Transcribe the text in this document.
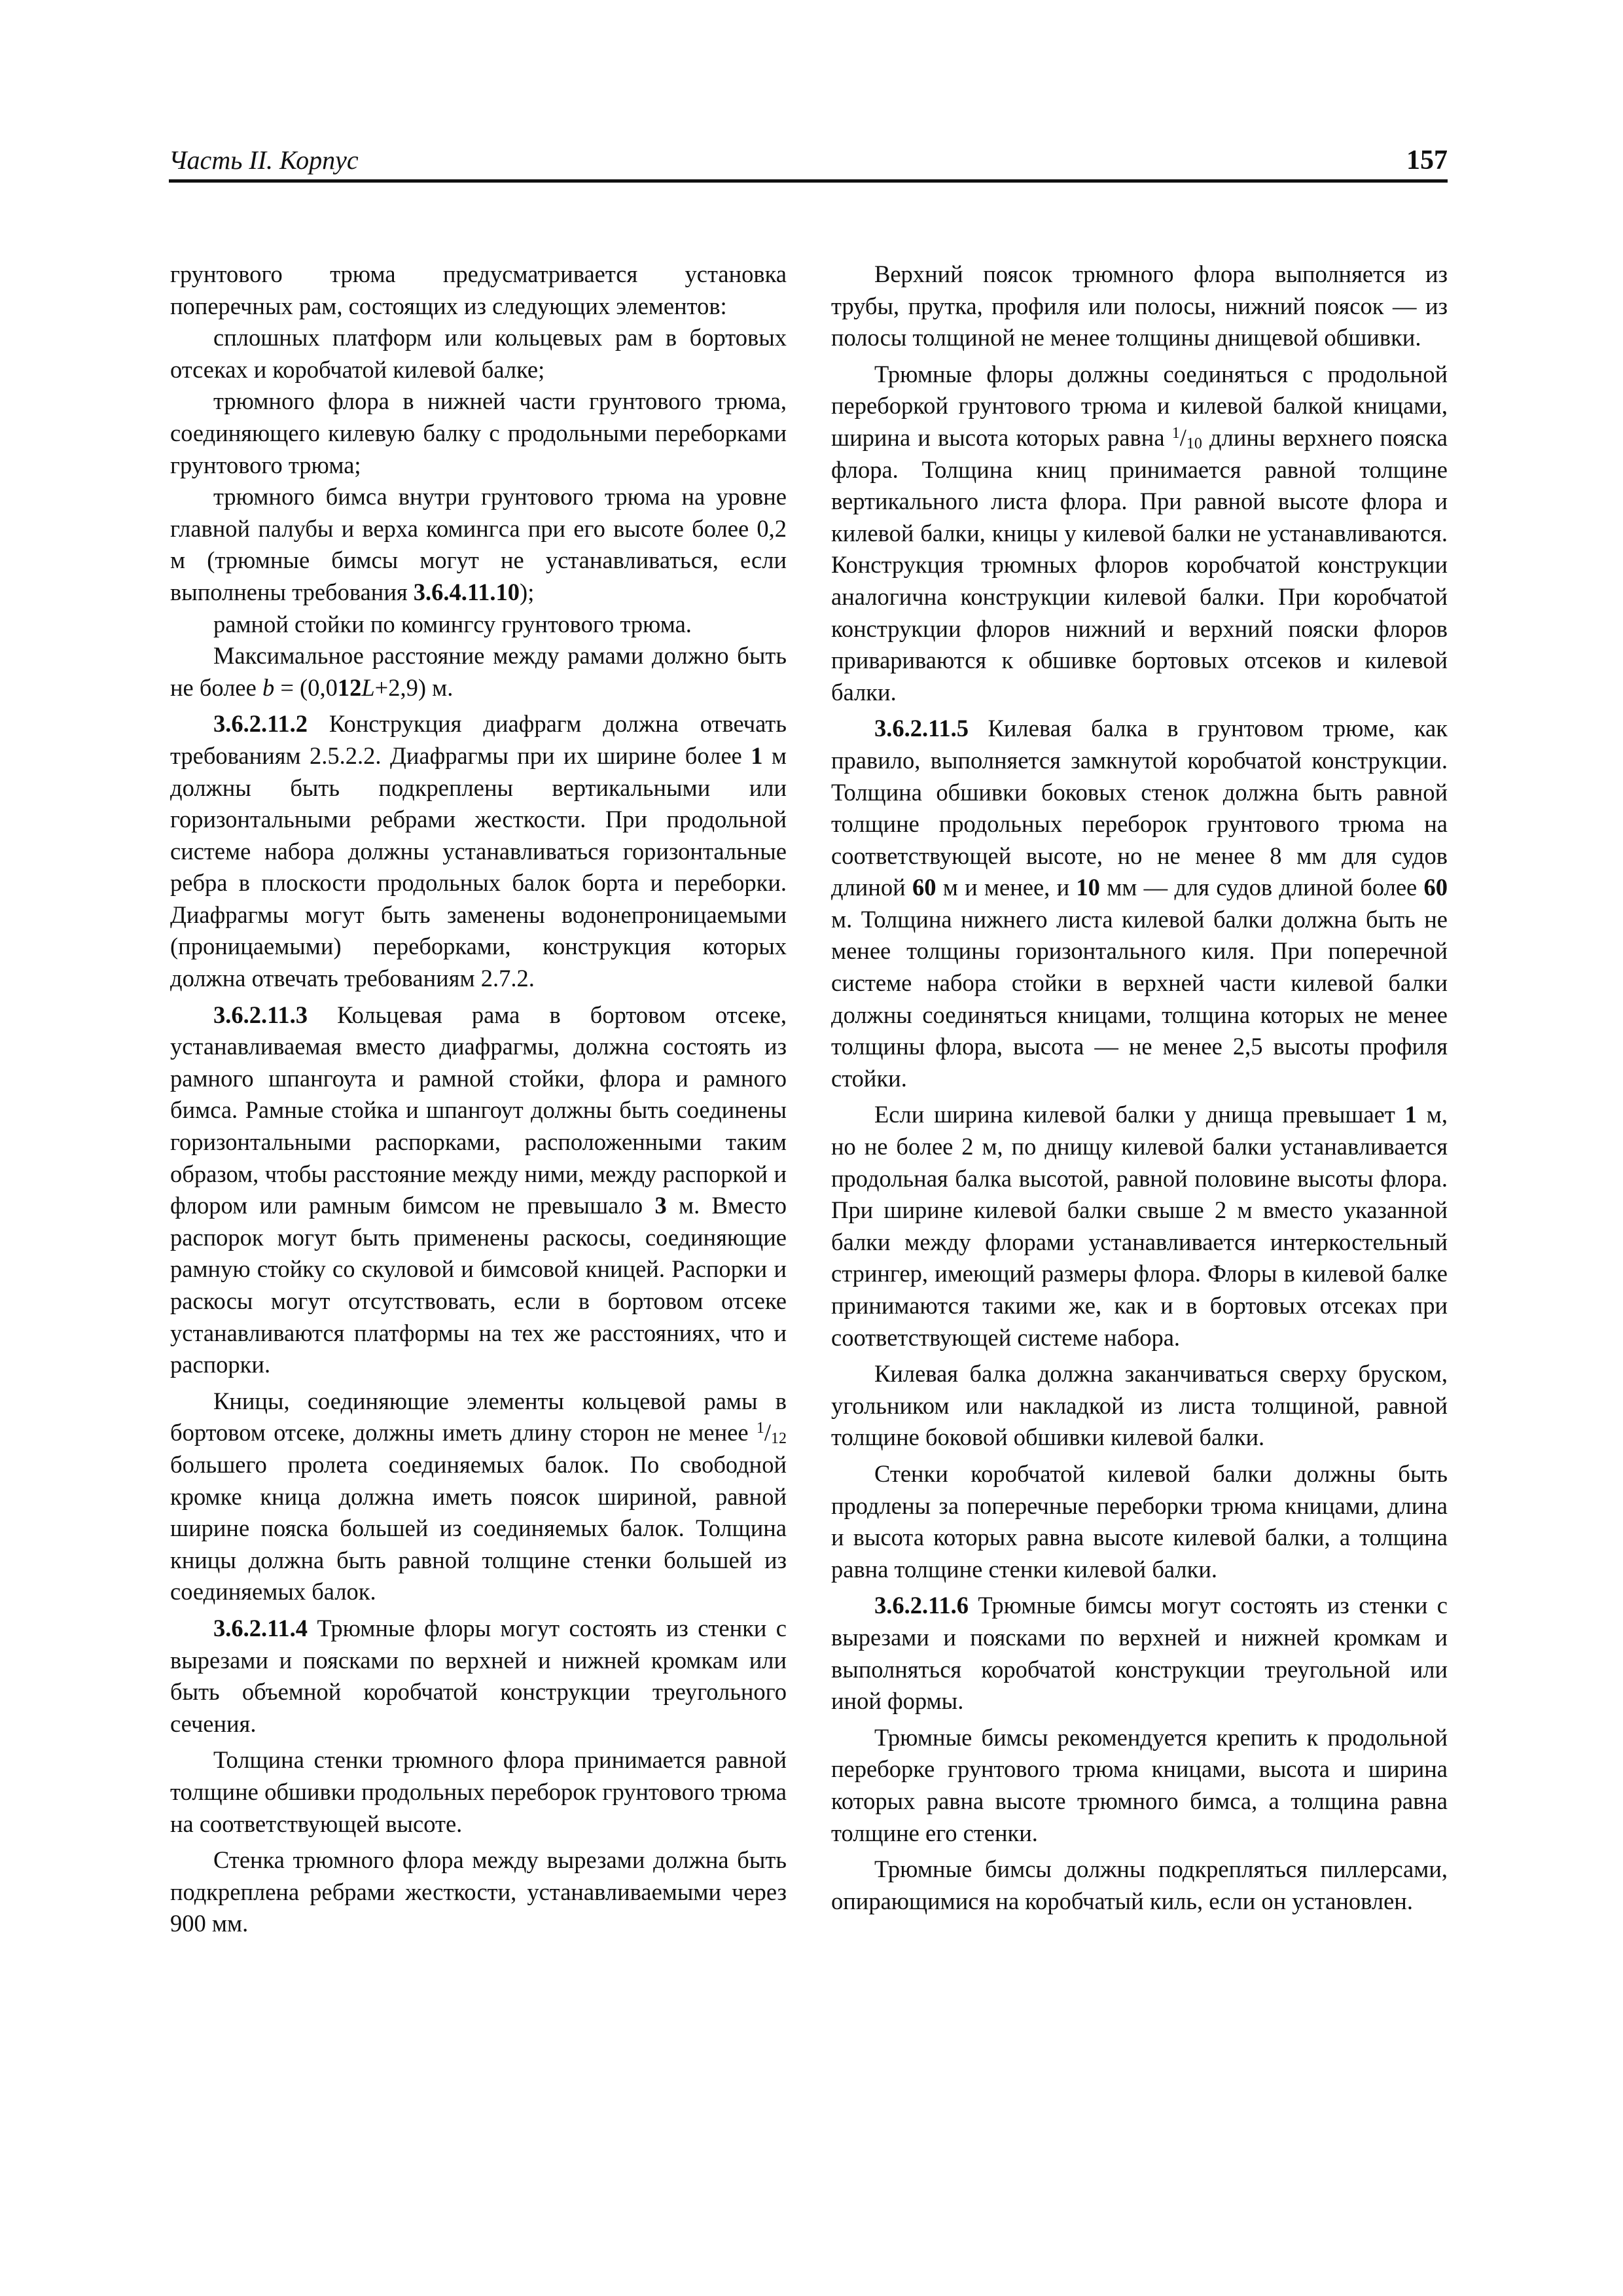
Часть II. Корпус	157

грунтового трюма предусматривается установка поперечных рам, состоящих из следующих элементов:

сплошных платформ или кольцевых рам в бортовых отсеках и коробчатой килевой балке;

трюмного флора в нижней части грунтового трюма, соединяющего килевую балку с продольными переборками грунтового трюма;

трюмного бимса внутри грунтового трюма на уровне главной палубы и верха комингса при его высоте более 0,2 м (трюмные бимсы могут не устанавливаться, если выполнены требования 3.6.4.11.10);

рамной стойки по комингсу грунтового трюма.

Максимальное расстояние между рамами должно быть не более b = (0,012L+2,9) м.

3.6.2.11.2 Конструкция диафрагм должна отвечать требованиям 2.5.2.2. Диафрагмы при их ширине более 1 м должны быть подкреплены вертикальными или горизонтальными ребрами жесткости. При продольной системе набора должны устанавливаться горизонтальные ребра в плоскости продольных балок борта и переборки. Диафрагмы могут быть заменены водонепроницаемыми (проницаемыми) переборками, конструкция которых должна отвечать требованиям 2.7.2.

3.6.2.11.3 Кольцевая рама в бортовом отсеке, устанавливаемая вместо диафрагмы, должна состоять из рамного шпангоута и рамной стойки, флора и рамного бимса. Рамные стойка и шпангоут должны быть соединены горизонтальными распорками, расположенными таким образом, чтобы расстояние между ними, между распоркой и флором или рамным бимсом не превышало 3 м. Вместо распорок могут быть применены раскосы, соединяющие рамную стойку со скуловой и бимсовой кницей. Распорки и раскосы могут отсутствовать, если в бортовом отсеке устанавливаются платформы на тех же расстояниях, что и распорки.

Кницы, соединяющие элементы кольцевой рамы в бортовом отсеке, должны иметь длину сторон не менее $^1/_{12}$ большего пролета соединяемых балок. По свободной кромке кница должна иметь поясок шириной, равной ширине пояска большей из соединяемых балок. Толщина кницы должна быть равной толщине стенки большей из соединяемых балок.

3.6.2.11.4 Трюмные флоры могут состоять из стенки с вырезами и поясками по верхней и нижней кромкам или быть объемной коробчатой конструкции треугольного сечения.

Толщина стенки трюмного флора принимается равной толщине обшивки продольных переборок грунтового трюма на соответствующей высоте.

Стенка трюмного флора между вырезами должна быть подкреплена ребрами жесткости, устанавливаемыми через 900 мм.

Верхний поясок трюмного флора выполняется из трубы, прутка, профиля или полосы, нижний поясок — из полосы толщиной не менее толщины днищевой обшивки.

Трюмные флоры должны соединяться с продольной переборкой грунтового трюма и килевой балкой кницами, ширина и высота которых равна $^1/_{10}$ длины верхнего пояска флора. Толщина книц принимается равной толщине вертикального листа флора. При равной высоте флора и килевой балки, кницы у килевой балки не устанавливаются. Конструкция трюмных флоров коробчатой конструкции аналогична конструкции килевой балки. При коробчатой конструкции флоров нижний и верхний пояски флоров привариваются к обшивке бортовых отсеков и килевой балки.

3.6.2.11.5 Килевая балка в грунтовом трюме, как правило, выполняется замкнутой коробчатой конструкции. Толщина обшивки боковых стенок должна быть равной толщине продольных переборок грунтового трюма на соответствующей высоте, но не менее 8 мм для судов длиной 60 м и менее, и 10 мм — для судов длиной более 60 м. Толщина нижнего листа килевой балки должна быть не менее толщины горизонтального киля. При поперечной системе набора стойки в верхней части килевой балки должны соединяться кницами, толщина которых не менее толщины флора, высота — не менее 2,5 высоты профиля стойки.

Если ширина килевой балки у днища превышает 1 м, но не более 2 м, по днищу килевой балки устанавливается продольная балка высотой, равной половине высоты флора. При ширине килевой балки свыше 2 м вместо указанной балки между флорами устанавливается интеркостельный стрингер, имеющий размеры флора. Флоры в килевой балке принимаются такими же, как и в бортовых отсеках при соответствующей системе набора.

Килевая балка должна заканчиваться сверху бруском, угольником или накладкой из листа толщиной, равной толщине боковой обшивки килевой балки.

Стенки коробчатой килевой балки должны быть продлены за поперечные переборки трюма кницами, длина и высота которых равна высоте килевой балки, а толщина равна толщине стенки килевой балки.

3.6.2.11.6 Трюмные бимсы могут состоять из стенки с вырезами и поясками по верхней и нижней кромкам и выполняться коробчатой конструкции треугольной или иной формы.

Трюмные бимсы рекомендуется крепить к продольной переборке грунтового трюма кницами, высота и ширина которых равна высоте трюмного бимса, а толщина равна толщине его стенки.

Трюмные бимсы должны подкрепляться пиллерсами, опирающимися на коробчатый киль, если он установлен.
